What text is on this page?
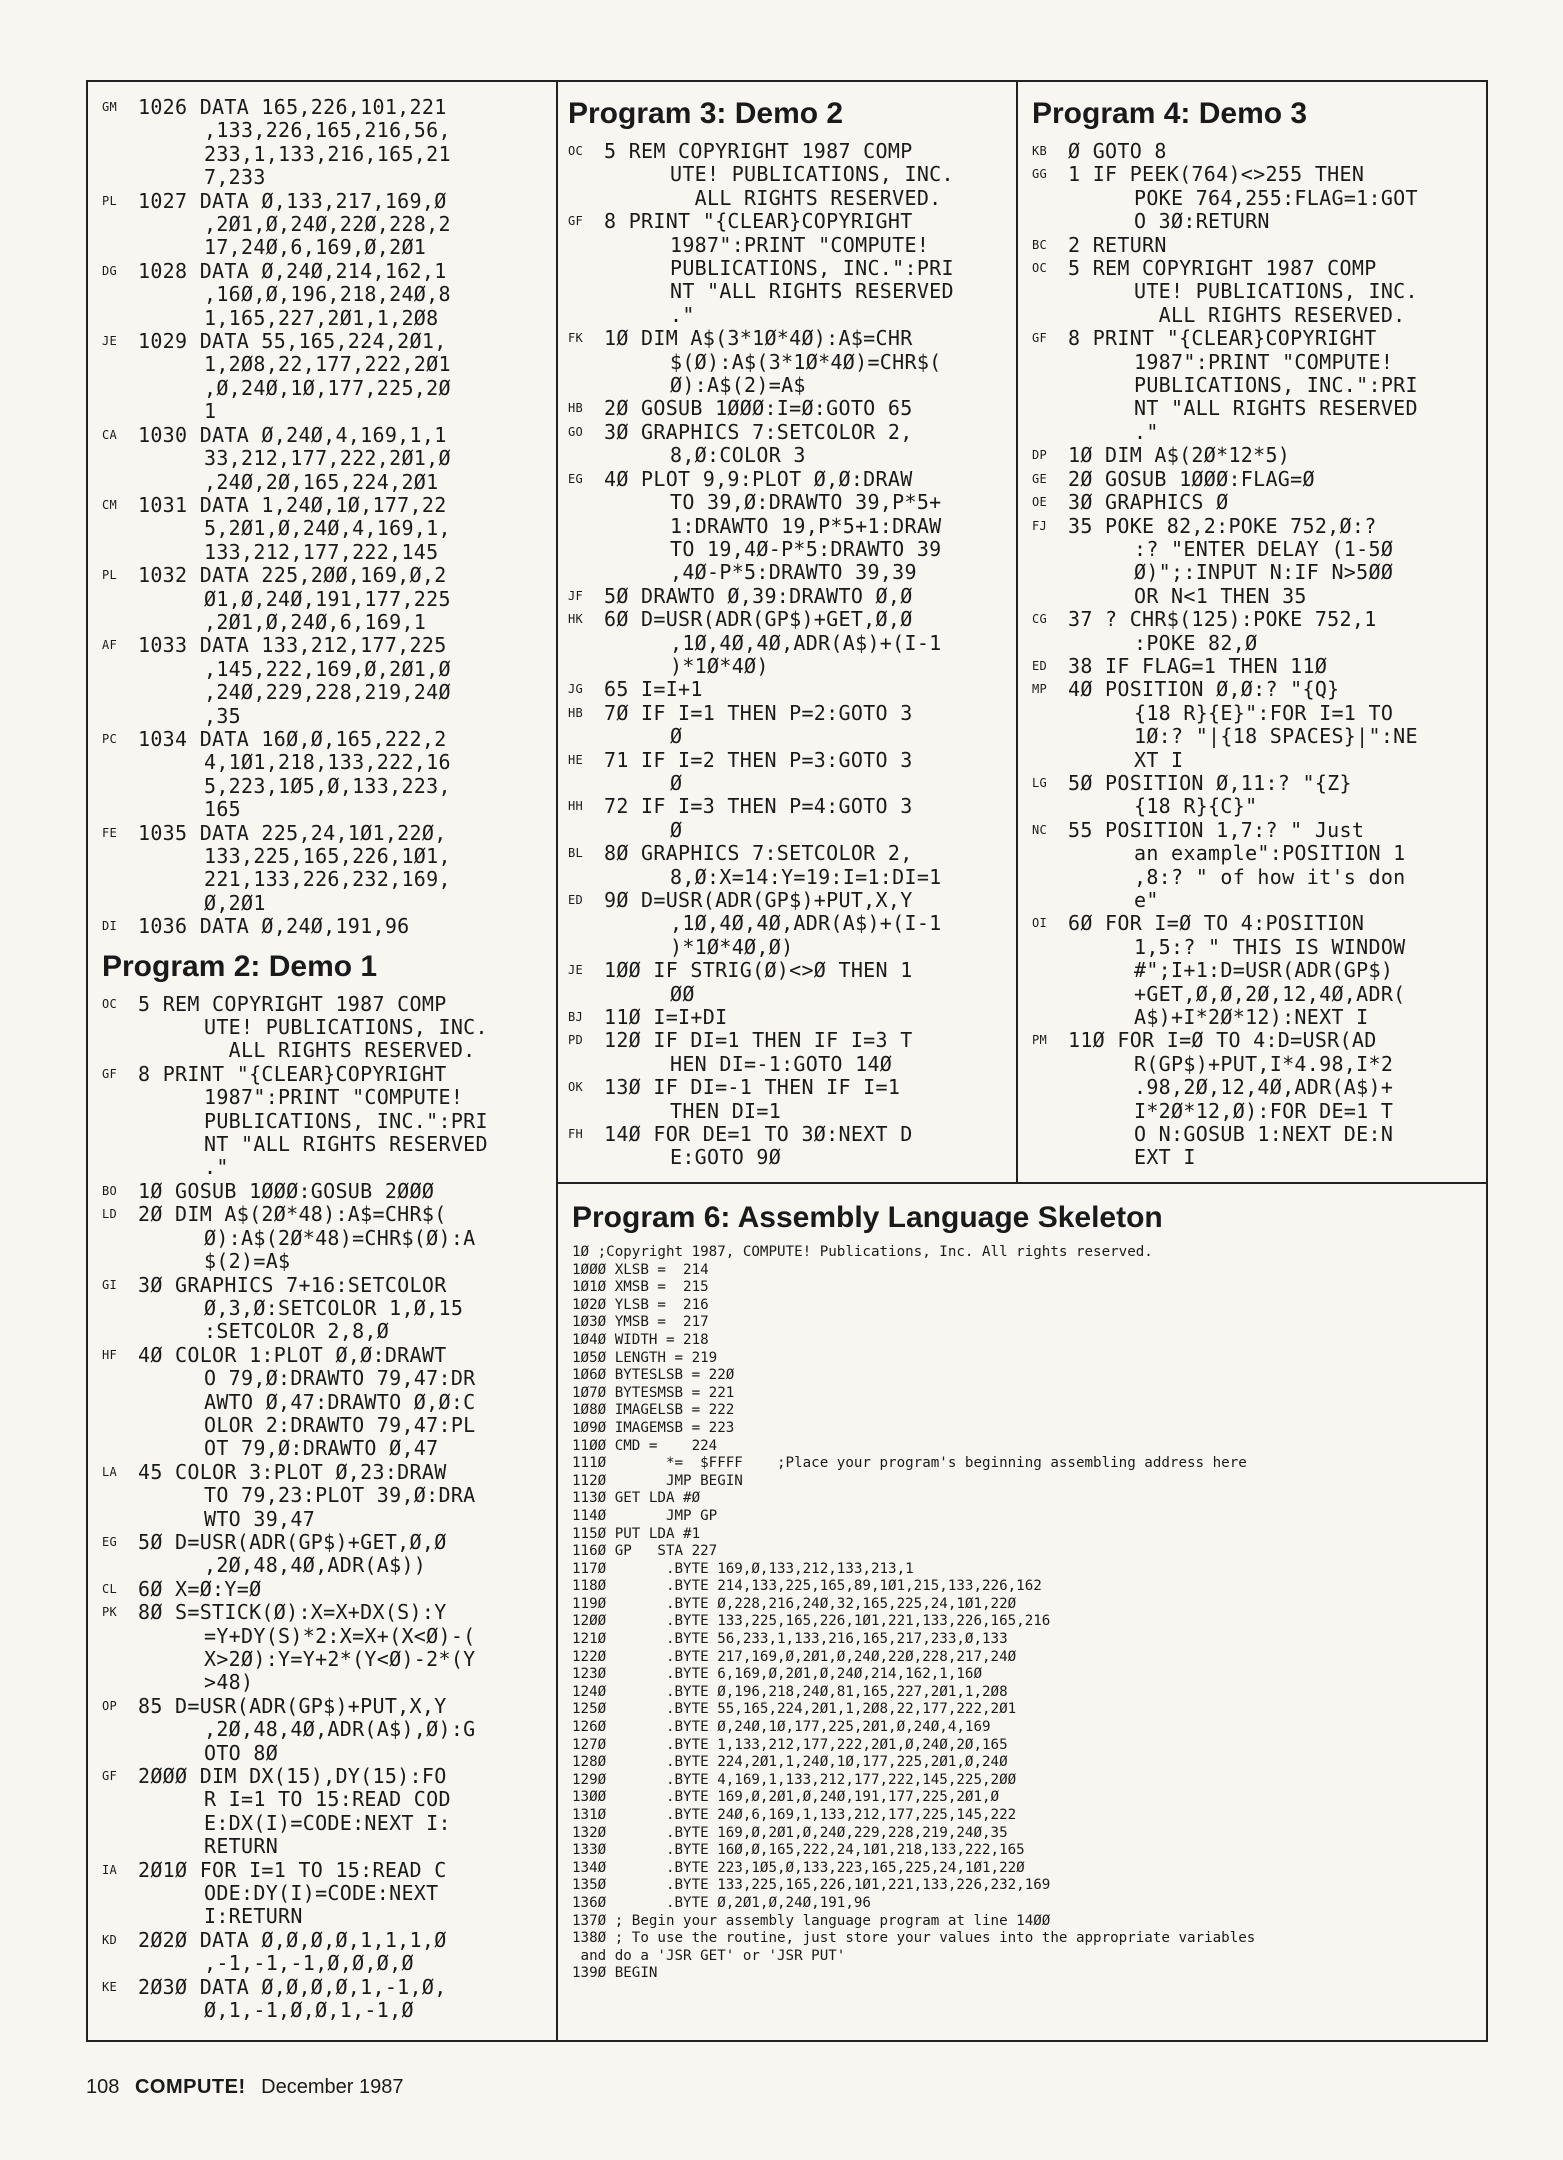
GM	1026 DATA 165,226,101,221
,133,226,165,216,56,
233,1,133,216,165,21
7,233
PL	1027 DATA Ø,133,217,169,Ø
,2Ø1,Ø,24Ø,22Ø,228,2
17,24Ø,6,169,Ø,2Ø1
DG	1028 DATA Ø,24Ø,214,162,1
,16Ø,Ø,196,218,24Ø,8
1,165,227,2Ø1,1,2Ø8
JE	1029 DATA 55,165,224,2Ø1,
1,2Ø8,22,177,222,2Ø1
,Ø,24Ø,1Ø,177,225,2Ø
1
CA	1030 DATA Ø,24Ø,4,169,1,1
33,212,177,222,2Ø1,Ø
,24Ø,2Ø,165,224,2Ø1
CM	1031 DATA 1,24Ø,1Ø,177,22
5,2Ø1,Ø,24Ø,4,169,1,
133,212,177,222,145
PL	1032 DATA 225,2ØØ,169,Ø,2
Ø1,Ø,24Ø,191,177,225
,2Ø1,Ø,24Ø,6,169,1
AF	1033 DATA 133,212,177,225
,145,222,169,Ø,2Ø1,Ø
,24Ø,229,228,219,24Ø
,35
PC	1034 DATA 16Ø,Ø,165,222,2
4,1Ø1,218,133,222,16
5,223,1Ø5,Ø,133,223,
165
FE	1035 DATA 225,24,1Ø1,22Ø,
133,225,165,226,1Ø1,
221,133,226,232,169,
Ø,2Ø1
DI	1036 DATA Ø,24Ø,191,96
Program 2: Demo 1
OC	5 REM COPYRIGHT 1987 COMP
UTE! PUBLICATIONS, INC.
ALL RIGHTS RESERVED.
GF	8 PRINT "{CLEAR}COPYRIGHT
1987":PRINT "COMPUTE!
PUBLICATIONS, INC.":PRI
NT "ALL RIGHTS RESERVED
."
BO	1Ø GOSUB 1ØØØ:GOSUB 2ØØØ
LD	2Ø DIM A$(2Ø*48):A$=CHR$(
Ø):A$(2Ø*48)=CHR$(Ø):A
$(2)=A$
GI	3Ø GRAPHICS 7+16:SETCOLOR
Ø,3,Ø:SETCOLOR 1,Ø,15
:SETCOLOR 2,8,Ø
HF	4Ø COLOR 1:PLOT Ø,Ø:DRAWT
O 79,Ø:DRAWTO 79,47:DR
AWTO Ø,47:DRAWTO Ø,Ø:C
OLOR 2:DRAWTO 79,47:PL
OT 79,Ø:DRAWTO Ø,47
LA	45 COLOR 3:PLOT Ø,23:DRAW
TO 79,23:PLOT 39,Ø:DRA
WTO 39,47
EG	5Ø D=USR(ADR(GP$)+GET,Ø,Ø
,2Ø,48,4Ø,ADR(A$))
CL	6Ø X=Ø:Y=Ø
PK	8Ø S=STICK(Ø):X=X+DX(S):Y
=Y+DY(S)*2:X=X+(X<Ø)-(
X>2Ø):Y=Y+2*(Y<Ø)-2*(Y
>48)
OP	85 D=USR(ADR(GP$)+PUT,X,Y
,2Ø,48,4Ø,ADR(A$),Ø):G
OTO 8Ø
GF	2ØØØ DIM DX(15),DY(15):FO
R I=1 TO 15:READ COD
E:DX(I)=CODE:NEXT I:
RETURN
IA	2Ø1Ø FOR I=1 TO 15:READ C
ODE:DY(I)=CODE:NEXT
I:RETURN
KD	2Ø2Ø DATA Ø,Ø,Ø,Ø,1,1,1,Ø
,-1,-1,-1,Ø,Ø,Ø,Ø
KE	2Ø3Ø DATA Ø,Ø,Ø,Ø,1,-1,Ø,
Ø,1,-1,Ø,Ø,1,-1,Ø
Program 3: Demo 2
OC	5 REM COPYRIGHT 1987 COMP
UTE! PUBLICATIONS, INC.
ALL RIGHTS RESERVED.
GF	8 PRINT "{CLEAR}COPYRIGHT
1987":PRINT "COMPUTE!
PUBLICATIONS, INC.":PRI
NT "ALL RIGHTS RESERVED
."
FK	1Ø DIM A$(3*1Ø*4Ø):A$=CHR
$(Ø):A$(3*1Ø*4Ø)=CHR$(
Ø):A$(2)=A$
HB	2Ø GOSUB 1ØØØ:I=Ø:GOTO 65
GO	3Ø GRAPHICS 7:SETCOLOR 2,
8,Ø:COLOR 3
EG	4Ø PLOT 9,9:PLOT Ø,Ø:DRAW
TO 39,Ø:DRAWTO 39,P*5+
1:DRAWTO 19,P*5+1:DRAW
TO 19,4Ø-P*5:DRAWTO 39
,4Ø-P*5:DRAWTO 39,39
JF	5Ø DRAWTO Ø,39:DRAWTO Ø,Ø
HK	6Ø D=USR(ADR(GP$)+GET,Ø,Ø
,1Ø,4Ø,4Ø,ADR(A$)+(I-1
)*1Ø*4Ø)
JG	65 I=I+1
HB	7Ø IF I=1 THEN P=2:GOTO 3
Ø
HE	71 IF I=2 THEN P=3:GOTO 3
Ø
HH	72 IF I=3 THEN P=4:GOTO 3
Ø
BL	8Ø GRAPHICS 7:SETCOLOR 2,
8,Ø:X=14:Y=19:I=1:DI=1
ED	9Ø D=USR(ADR(GP$)+PUT,X,Y
,1Ø,4Ø,4Ø,ADR(A$)+(I-1
)*1Ø*4Ø,Ø)
JE	1ØØ IF STRIG(Ø)<>Ø THEN 1
ØØ
BJ	11Ø I=I+DI
PD	12Ø IF DI=1 THEN IF I=3 T
HEN DI=-1:GOTO 14Ø
OK	13Ø IF DI=-1 THEN IF I=1
THEN DI=1
FH	14Ø FOR DE=1 TO 3Ø:NEXT D
E:GOTO 9Ø
Program 4: Demo 3
KB	Ø GOTO 8
GG	1 IF PEEK(764)<>255 THEN
POKE 764,255:FLAG=1:GOT
O 3Ø:RETURN
BC	2 RETURN
OC	5 REM COPYRIGHT 1987 COMP
UTE! PUBLICATIONS, INC.
ALL RIGHTS RESERVED.
GF	8 PRINT "{CLEAR}COPYRIGHT
1987":PRINT "COMPUTE!
PUBLICATIONS, INC.":PRI
NT "ALL RIGHTS RESERVED
."
DP	1Ø DIM A$(2Ø*12*5)
GE	2Ø GOSUB 1ØØØ:FLAG=Ø
OE	3Ø GRAPHICS Ø
FJ	35 POKE 82,2:POKE 752,Ø:?
:? "ENTER DELAY (1-5Ø
Ø)";:INPUT N:IF N>5ØØ
OR N<1 THEN 35
CG	37 ? CHR$(125):POKE 752,1
:POKE 82,Ø
ED	38 IF FLAG=1 THEN 11Ø
MP	4Ø POSITION Ø,Ø:? "{Q}
{18 R}{E}":FOR I=1 TO
1Ø:? "|{18 SPACES}|":NE
XT I
LG	5Ø POSITION Ø,11:? "{Z}
{18 R}{C}"
NC	55 POSITION 1,7:? " Just
an example":POSITION 1
,8:? " of how it's don
e"
OI	6Ø FOR I=Ø TO 4:POSITION
1,5:? " THIS IS WINDOW
#";I+1:D=USR(ADR(GP$)
+GET,Ø,Ø,2Ø,12,4Ø,ADR(
A$)+I*2Ø*12):NEXT I
PM	11Ø FOR I=Ø TO 4:D=USR(AD
R(GP$)+PUT,I*4.98,I*2
.98,2Ø,12,4Ø,ADR(A$)+
I*2Ø*12,Ø):FOR DE=1 T
O N:GOSUB 1:NEXT DE:N
EXT I
Program 6: Assembly Language Skeleton
1Ø ;Copyright 1987, COMPUTE! Publications, Inc. All rights reserved.
1ØØØ XLSB =  214
1Ø1Ø XMSB =  215
1Ø2Ø YLSB =  216
1Ø3Ø YMSB =  217
1Ø4Ø WIDTH = 218
1Ø5Ø LENGTH = 219
1Ø6Ø BYTESLSB = 22Ø
1Ø7Ø BYTESMSB = 221
1Ø8Ø IMAGELSB = 222
1Ø9Ø IMAGEMSB = 223
11ØØ CMD =    224
111Ø       *=  $FFFF    ;Place your program's beginning assembling address here
112Ø       JMP BEGIN
113Ø GET LDA #Ø
114Ø       JMP GP
115Ø PUT LDA #1
116Ø GP   STA 227
117Ø       .BYTE 169,Ø,133,212,133,213,1
118Ø       .BYTE 214,133,225,165,89,1Ø1,215,133,226,162
119Ø       .BYTE Ø,228,216,24Ø,32,165,225,24,1Ø1,22Ø
12ØØ       .BYTE 133,225,165,226,1Ø1,221,133,226,165,216
121Ø       .BYTE 56,233,1,133,216,165,217,233,Ø,133
122Ø       .BYTE 217,169,Ø,2Ø1,Ø,24Ø,22Ø,228,217,24Ø
123Ø       .BYTE 6,169,Ø,2Ø1,Ø,24Ø,214,162,1,16Ø
124Ø       .BYTE Ø,196,218,24Ø,81,165,227,2Ø1,1,2Ø8
125Ø       .BYTE 55,165,224,2Ø1,1,2Ø8,22,177,222,2Ø1
126Ø       .BYTE Ø,24Ø,1Ø,177,225,2Ø1,Ø,24Ø,4,169
127Ø       .BYTE 1,133,212,177,222,2Ø1,Ø,24Ø,2Ø,165
128Ø       .BYTE 224,2Ø1,1,24Ø,1Ø,177,225,2Ø1,Ø,24Ø
129Ø       .BYTE 4,169,1,133,212,177,222,145,225,2ØØ
13ØØ       .BYTE 169,Ø,2Ø1,Ø,24Ø,191,177,225,2Ø1,Ø
131Ø       .BYTE 24Ø,6,169,1,133,212,177,225,145,222
132Ø       .BYTE 169,Ø,2Ø1,Ø,24Ø,229,228,219,24Ø,35
133Ø       .BYTE 16Ø,Ø,165,222,24,1Ø1,218,133,222,165
134Ø       .BYTE 223,1Ø5,Ø,133,223,165,225,24,1Ø1,22Ø
135Ø       .BYTE 133,225,165,226,1Ø1,221,133,226,232,169
136Ø       .BYTE Ø,2Ø1,Ø,24Ø,191,96
137Ø ; Begin your assembly language program at line 14ØØ
138Ø ; To use the routine, just store your values into the appropriate variables
and do a 'JSR GET' or 'JSR PUT'
139Ø BEGIN
108 COMPUTE! December 1987
